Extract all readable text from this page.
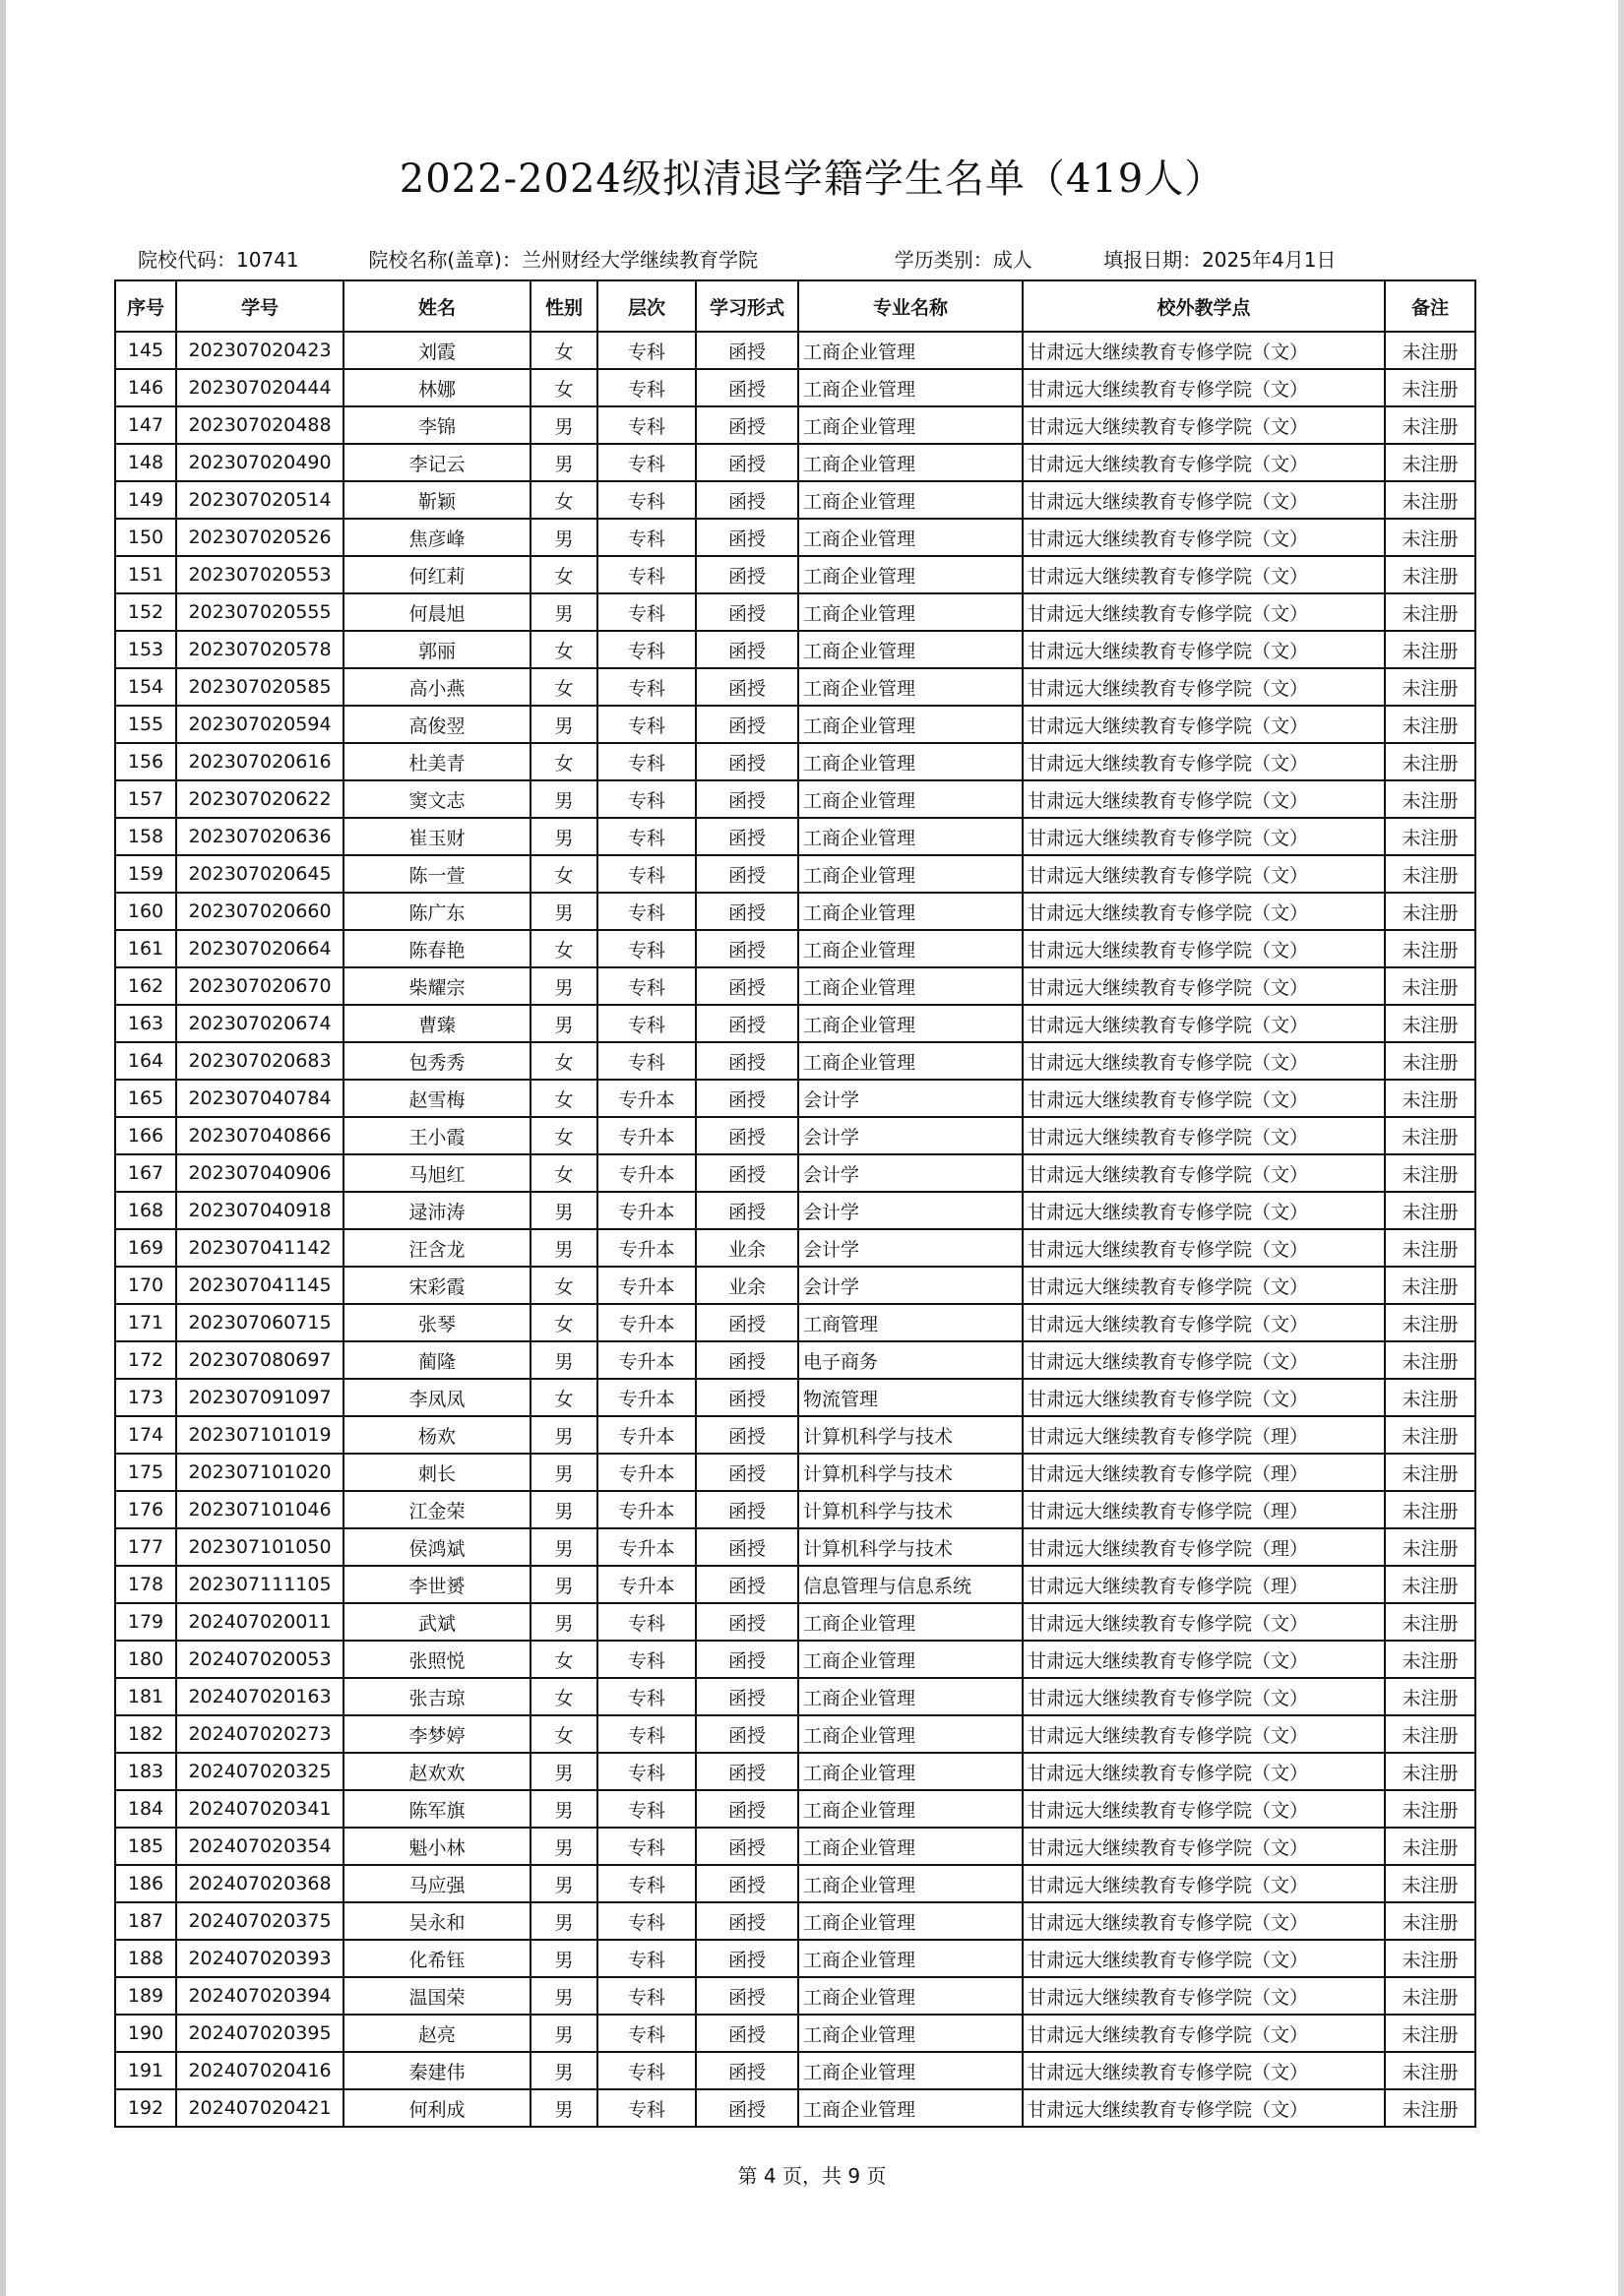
2022-2024级拟清退学籍学生名单（419人）
院校代码：10741	院校名称(盖章)：兰州财经大学继续教育学院	学历类别：成人	填报日期：2025年4月1日
序号	学号	姓名	性别	层次	学习形式	专业名称	校外教学点	备注
145	202307020423	刘霞	女	专科	函授	工商企业管理	甘肃远大继续教育专修学院（文）	未注册
146	202307020444	林娜	女	专科	函授	工商企业管理	甘肃远大继续教育专修学院（文）	未注册
147	202307020488	李锦	男	专科	函授	工商企业管理	甘肃远大继续教育专修学院（文）	未注册
148	202307020490	李记云	男	专科	函授	工商企业管理	甘肃远大继续教育专修学院（文）	未注册
149	202307020514	靳颖	女	专科	函授	工商企业管理	甘肃远大继续教育专修学院（文）	未注册
150	202307020526	焦彦峰	男	专科	函授	工商企业管理	甘肃远大继续教育专修学院（文）	未注册
151	202307020553	何红莉	女	专科	函授	工商企业管理	甘肃远大继续教育专修学院（文）	未注册
152	202307020555	何晨旭	男	专科	函授	工商企业管理	甘肃远大继续教育专修学院（文）	未注册
153	202307020578	郭丽	女	专科	函授	工商企业管理	甘肃远大继续教育专修学院（文）	未注册
154	202307020585	高小燕	女	专科	函授	工商企业管理	甘肃远大继续教育专修学院（文）	未注册
155	202307020594	高俊翌	男	专科	函授	工商企业管理	甘肃远大继续教育专修学院（文）	未注册
156	202307020616	杜美青	女	专科	函授	工商企业管理	甘肃远大继续教育专修学院（文）	未注册
157	202307020622	窦文志	男	专科	函授	工商企业管理	甘肃远大继续教育专修学院（文）	未注册
158	202307020636	崔玉财	男	专科	函授	工商企业管理	甘肃远大继续教育专修学院（文）	未注册
159	202307020645	陈一萱	女	专科	函授	工商企业管理	甘肃远大继续教育专修学院（文）	未注册
160	202307020660	陈广东	男	专科	函授	工商企业管理	甘肃远大继续教育专修学院（文）	未注册
161	202307020664	陈春艳	女	专科	函授	工商企业管理	甘肃远大继续教育专修学院（文）	未注册
162	202307020670	柴耀宗	男	专科	函授	工商企业管理	甘肃远大继续教育专修学院（文）	未注册
163	202307020674	曹臻	男	专科	函授	工商企业管理	甘肃远大继续教育专修学院（文）	未注册
164	202307020683	包秀秀	女	专科	函授	工商企业管理	甘肃远大继续教育专修学院（文）	未注册
165	202307040784	赵雪梅	女	专升本	函授	会计学	甘肃远大继续教育专修学院（文）	未注册
166	202307040866	王小霞	女	专升本	函授	会计学	甘肃远大继续教育专修学院（文）	未注册
167	202307040906	马旭红	女	专升本	函授	会计学	甘肃远大继续教育专修学院（文）	未注册
168	202307040918	逯沛涛	男	专升本	函授	会计学	甘肃远大继续教育专修学院（文）	未注册
169	202307041142	汪含龙	男	专升本	业余	会计学	甘肃远大继续教育专修学院（文）	未注册
170	202307041145	宋彩霞	女	专升本	业余	会计学	甘肃远大继续教育专修学院（文）	未注册
171	202307060715	张琴	女	专升本	函授	工商管理	甘肃远大继续教育专修学院（文）	未注册
172	202307080697	蔺隆	男	专升本	函授	电子商务	甘肃远大继续教育专修学院（文）	未注册
173	202307091097	李凤凤	女	专升本	函授	物流管理	甘肃远大继续教育专修学院（文）	未注册
174	202307101019	杨欢	男	专升本	函授	计算机科学与技术	甘肃远大继续教育专修学院（理）	未注册
175	202307101020	刺长	男	专升本	函授	计算机科学与技术	甘肃远大继续教育专修学院（理）	未注册
176	202307101046	江金荣	男	专升本	函授	计算机科学与技术	甘肃远大继续教育专修学院（理）	未注册
177	202307101050	侯鸿斌	男	专升本	函授	计算机科学与技术	甘肃远大继续教育专修学院（理）	未注册
178	202307111105	李世赟	男	专升本	函授	信息管理与信息系统	甘肃远大继续教育专修学院（理）	未注册
179	202407020011	武斌	男	专科	函授	工商企业管理	甘肃远大继续教育专修学院（文）	未注册
180	202407020053	张照悦	女	专科	函授	工商企业管理	甘肃远大继续教育专修学院（文）	未注册
181	202407020163	张吉琼	女	专科	函授	工商企业管理	甘肃远大继续教育专修学院（文）	未注册
182	202407020273	李梦婷	女	专科	函授	工商企业管理	甘肃远大继续教育专修学院（文）	未注册
183	202407020325	赵欢欢	男	专科	函授	工商企业管理	甘肃远大继续教育专修学院（文）	未注册
184	202407020341	陈军旗	男	专科	函授	工商企业管理	甘肃远大继续教育专修学院（文）	未注册
185	202407020354	魁小林	男	专科	函授	工商企业管理	甘肃远大继续教育专修学院（文）	未注册
186	202407020368	马应强	男	专科	函授	工商企业管理	甘肃远大继续教育专修学院（文）	未注册
187	202407020375	吴永和	男	专科	函授	工商企业管理	甘肃远大继续教育专修学院（文）	未注册
188	202407020393	化希钰	男	专科	函授	工商企业管理	甘肃远大继续教育专修学院（文）	未注册
189	202407020394	温国荣	男	专科	函授	工商企业管理	甘肃远大继续教育专修学院（文）	未注册
190	202407020395	赵亮	男	专科	函授	工商企业管理	甘肃远大继续教育专修学院（文）	未注册
191	202407020416	秦建伟	男	专科	函授	工商企业管理	甘肃远大继续教育专修学院（文）	未注册
192	202407020421	何利成	男	专科	函授	工商企业管理	甘肃远大继续教育专修学院（文）	未注册
第 4 页，共 9 页
